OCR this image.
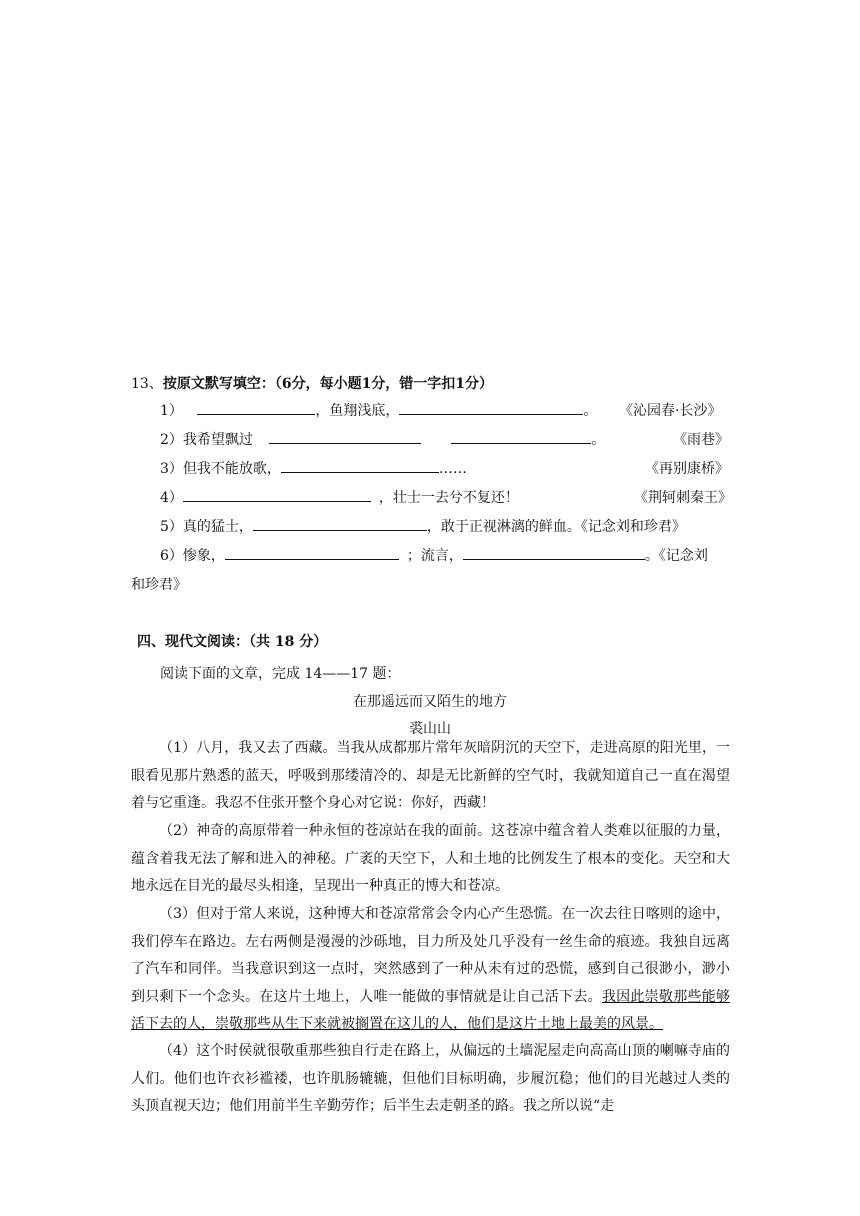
13、按原文默写填空：（6分，每小题1分，错一字扣1分）
1）	，鱼翔浅底，	。	《沁园春·长沙》
2）我希望飘过	。	《雨巷》
3）但我不能放歌，	……	《再别康桥》
4）	，壮士一去兮不复还！	《荆轲刺秦王》
5）真的猛士，	，敢于正视淋漓的鲜血。《记念刘和珍君》
6）惨象，	；流言，	。《记念刘
和珍君》
四、现代文阅读：（共 18 分）
阅读下面的文章，完成 14——17 题：
在那遥远而又陌生的地方
裘山山
（1）八月，我又去了西藏。当我从成都那片常年灰暗阴沉的天空下，走进高原的阳光里，一眼看见那片熟悉的蓝天，呼吸到那缕清冷的、却是无比新鲜的空气时，我就知道自己一直在渴望着与它重逢。我忍不住张开整个身心对它说：你好，西藏！
（2）神奇的高原带着一种永恒的苍凉站在我的面前。这苍凉中蕴含着人类难以征服的力量，蕴含着我无法了解和进入的神秘。广袤的天空下，人和土地的比例发生了根本的变化。天空和大地永远在目光的最尽头相逢，呈现出一种真正的博大和苍凉。
（3）但对于常人来说，这种博大和苍凉常常会令内心产生恐慌。在一次去往日喀则的途中，我们停车在路边。左右两侧是漫漫的沙砾地，目力所及处几乎没有一丝生命的痕迹。我独自远离了汽车和同伴。当我意识到这一点时，突然感到了一种从未有过的恐慌，感到自己很渺小，渺小到只剩下一个念头。在这片土地上，人唯一能做的事情就是让自己活下去。我因此崇敬那些能够活下去的人，崇敬那些从生下来就被搁置在这儿的人，他们是这片土地上最美的风景。
（4）这个时侯就很敬重那些独自行走在路上，从偏远的土墙泥屋走向高高山顶的喇嘛寺庙的人们。他们也许衣衫褴褛，也许肌肠辘辘，但他们目标明确，步履沉稳；他们的目光越过人类的头顶直视天边；他们用前半生辛勤劳作；后半生去走朝圣的路。我之所以说“走
